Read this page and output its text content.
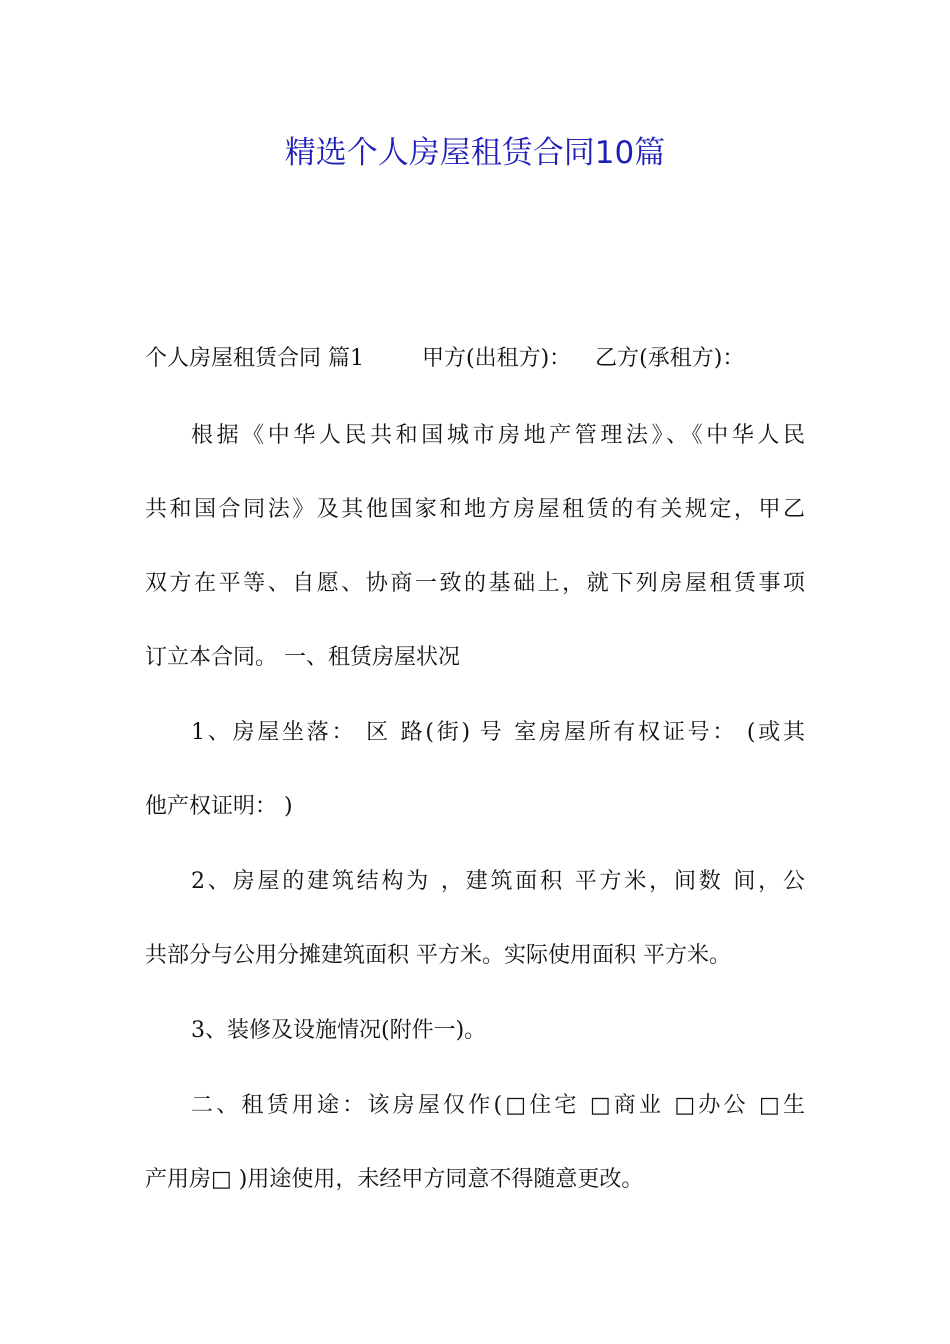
精选个人房屋租赁合同10篇
个人房屋租赁合同 篇1	甲方(出租方)： 乙方(承租方)：
根据《中华人民共和国城市房地产管理法》、《中华人民
共和国合同法》及其他国家和地方房屋租赁的有关规定，甲乙
双方在平等、自愿、协商一致的基础上，就下列房屋租赁事项
订立本合同。 一、租赁房屋状况
1、房屋坐落： 区 路(街) 号 室房屋所有权证号： (或其
他产权证明： )
2、房屋的建筑结构为 ，建筑面积 平方米，间数 间，公
共部分与公用分摊建筑面积 平方米。实际使用面积 平方米。
3、装修及设施情况(附件一)。
二、租赁用途：该房屋仅作(□住宅 □商业 □办公 □生
产用房□ )用途使用，未经甲方同意不得随意更改。
